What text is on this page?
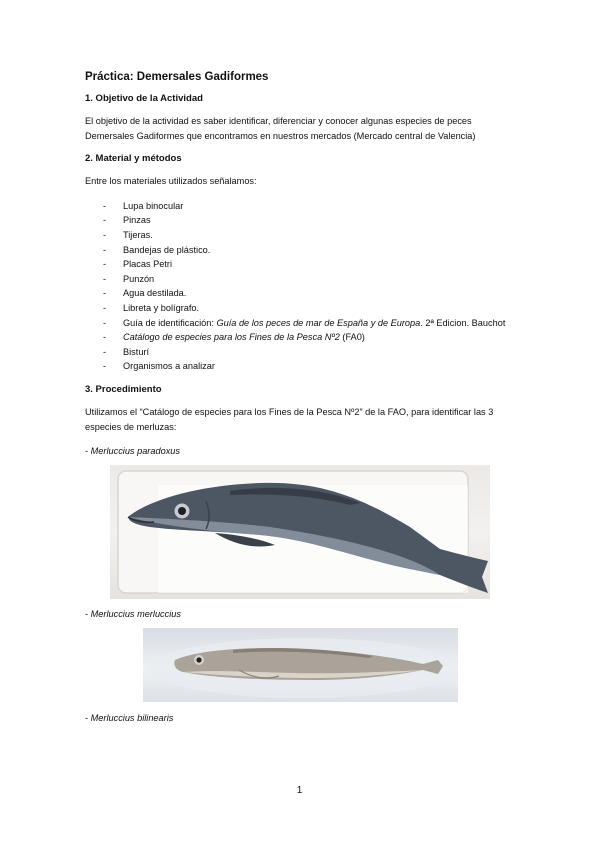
Práctica: Demersales Gadiformes
1. Objetivo de la Actividad
El objetivo de la actividad es saber identificar, diferenciar y conocer algunas especies de peces Demersales Gadiformes que encontramos en nuestros mercados (Mercado central de Valencia)
2. Material y métodos
Entre los materiales utilizados señalamos:
- Lupa binocular
- Pinzas
- Tijeras.
- Bandejas de plástico.
- Placas Petri
- Punzón
- Agua destilada.
- Libreta y bolígrafo.
- Guía de identificación: Guía de los peces de mar de España y de Europa. 2ª Edicion. Bauchot
- Catálogo de especies para los Fines de la Pesca Nº2 (FA0)
- Bisturí
- Organismos a analizar
3. Procedimiento
Utilizamos el “Catálogo de especies para los Fines de la Pesca Nº2” de la FAO, para identificar las 3 especies de merluzas:
- Merluccius paradoxus
- Merluccius merluccius
- Merluccius bilinearis
1
